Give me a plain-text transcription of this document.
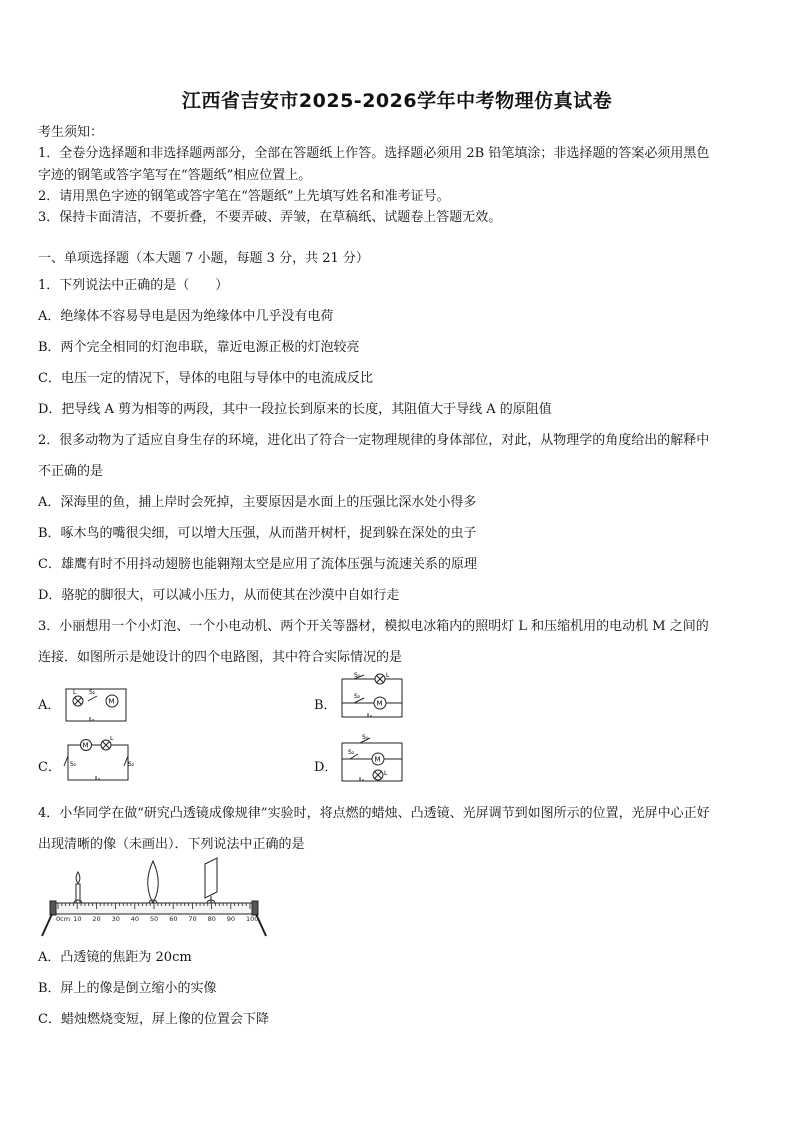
江西省吉安市2025-2026学年中考物理仿真试卷
考生须知：
1．全卷分选择题和非选择题两部分，全部在答题纸上作答。选择题必须用 2B 铅笔填涂；非选择题的答案必须用黑色
字迹的钢笔或答字笔写在“答题纸”相应位置上。
2．请用黑色字迹的钢笔或答字笔在“答题纸”上先填写姓名和准考证号。
3．保持卡面清洁，不要折叠，不要弄破、弄皱，在草稿纸、试题卷上答题无效。
一、单项选择题（本大题 7 小题，每题 3 分，共 21 分）
1．下列说法中正确的是（　　）
A．绝缘体不容易导电是因为绝缘体中几乎没有电荷
B．两个完全相同的灯泡串联，靠近电源正极的灯泡较亮
C．电压一定的情况下，导体的电阻与导体中的电流成反比
D．把导线 A 剪为相等的两段，其中一段拉长到原来的长度，其阻值大于导线 A 的原阻值
2．很多动物为了适应自身生存的环境，进化出了符合一定物理规律的身体部位，对此，从物理学的角度给出的解释中
不正确的是
A．深海里的鱼，捕上岸时会死掉，主要原因是水面上的压强比深水处小得多
B．啄木鸟的嘴很尖细，可以增大压强，从而凿开树杆，捉到躲在深处的虫子
C．雄鹰有时不用抖动翅膀也能翱翔太空是应用了流体压强与流速关系的原理
D．骆驼的脚很大，可以减小压力，从而使其在沙漠中自如行走
3．小丽想用一个小灯泡、一个小电动机、两个开关等器材，模拟电冰箱内的照明灯 L 和压缩机用的电动机 M 之间的
连接．如图所示是她设计的四个电路图，其中符合实际情况的是
A．	B．
C．	D．
L S₂
M
S₁	L
S₂
M
M
L
S₁	S₂
S₁
S₂
M
L
4．小华同学在做“研究凸透镜成像规律”实验时，将点燃的蜡烛、凸透镜、光屏调节到如图所示的位置，光屏中心正好
出现清晰的像（未画出）．下列说法中正确的是
0cm 10 20 30 40 50 60 70 80 90 100
A．凸透镜的焦距为 20cm
B．屏上的像是倒立缩小的实像
C．蜡烛燃烧变短，屏上像的位置会下降
